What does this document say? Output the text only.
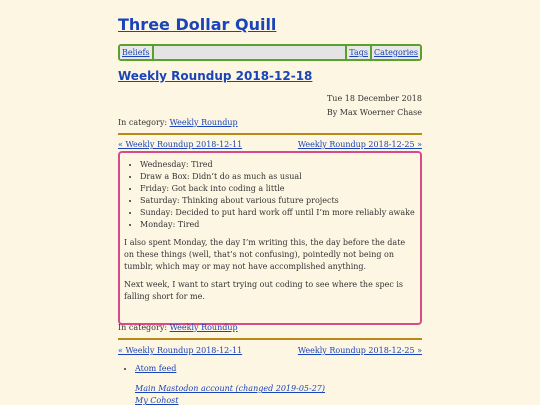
Three Dollar Quill
Beliefs	Tags Categories
Weekly Roundup 2018-12-18
Tue 18 December 2018
By Max Woerner Chase
In category: Weekly Roundup
« Weekly Roundup 2018-12-11	Weekly Roundup 2018-12-25 »
• Wednesday: Tired
• Draw a Box: Didn’t do as much as usual
• Friday: Got back into coding a little
• Saturday: Thinking about various future projects
• Sunday: Decided to put hard work off until I’m more reliably awake
• Monday: Tired

I also spent Monday, the day I’m writing this, the day before the date on these things (well, that’s not confusing), pointedly not being on tumblr, which may or may not have accomplished anything.

Next week, I want to start trying out coding to see where the spec is falling short for me.

In category: Weekly Roundup
« Weekly Roundup 2018-12-11	Weekly Roundup 2018-12-25 »
• Atom feed
Main Mastodon account (changed 2019-05-27)
My Cohost
